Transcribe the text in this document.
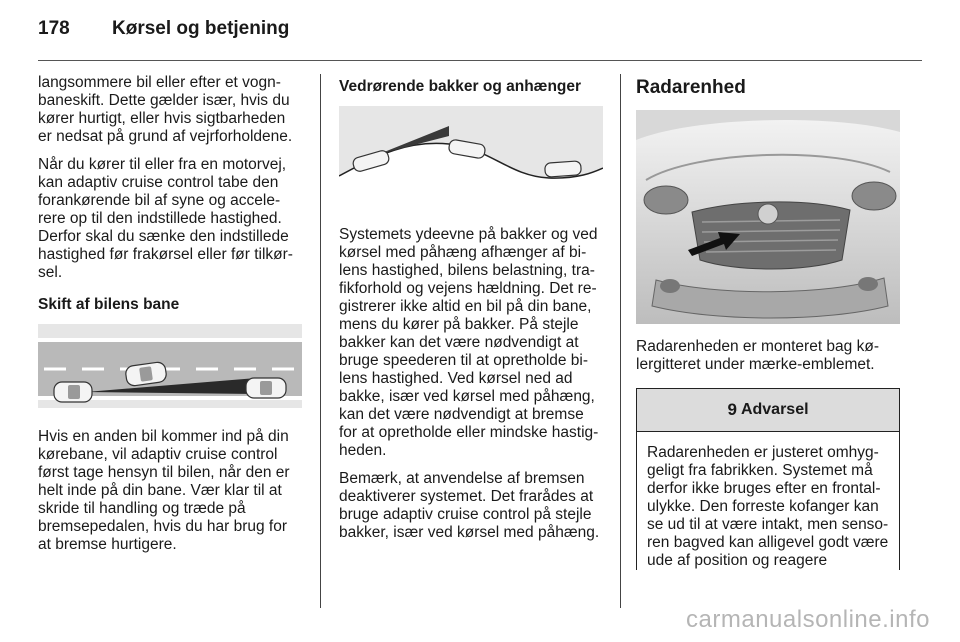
178 Kørsel og betjening

langsommere bil eller efter et vogn-baneskift. Dette gælder især, hvis du kører hurtigt, eller hvis sigtbarheden er nedsat på grund af vejrforholdene.

Når du kører til eller fra en motorvej, kan adaptiv cruise control tabe den forankørende bil af syne og accele-rere op til den indstillede hastighed. Derfor skal du sænke den indstillede hastighed før frakørsel eller før tilkør-sel.

Skift af bilens bane

Hvis en anden bil kommer ind på din kørebane, vil adaptiv cruise control først tage hensyn til bilen, når den er helt inde på din bane. Vær klar til at skride til handling og træde på bremsepedalen, hvis du har brug for at bremse hurtigere.

Vedrørende bakker og anhænger

Systemets ydeevne på bakker og ved kørsel med påhæng afhænger af bi-lens hastighed, bilens belastning, tra-fikforhold og vejens hældning. Det re-gistrerer ikke altid en bil på din bane, mens du kører på bakker. På stejle bakker kan det være nødvendigt at bruge speederen til at opretholde bi-lens hastighed. Ved kørsel ned ad bakke, især ved kørsel med påhæng, kan det være nødvendigt at bremse for at opretholde eller mindske hastig-heden.

Bemærk, at anvendelse af bremsen deaktiverer systemet. Det frarådes at bruge adaptiv cruise control på stejle bakker, især ved kørsel med påhæng.

Radarenhed

Radarenheden er monteret bag kø-lergitteret under mærke-emblemet.

9 Advarsel

Radarenheden er justeret omhyg-geligt fra fabrikken. Systemet må derfor ikke bruges efter en frontal-ulykke. Den forreste kofanger kan se ud til at være intakt, men senso-ren bagved kan alligevel godt være ude af position og reagere

carmanualsonline.info
